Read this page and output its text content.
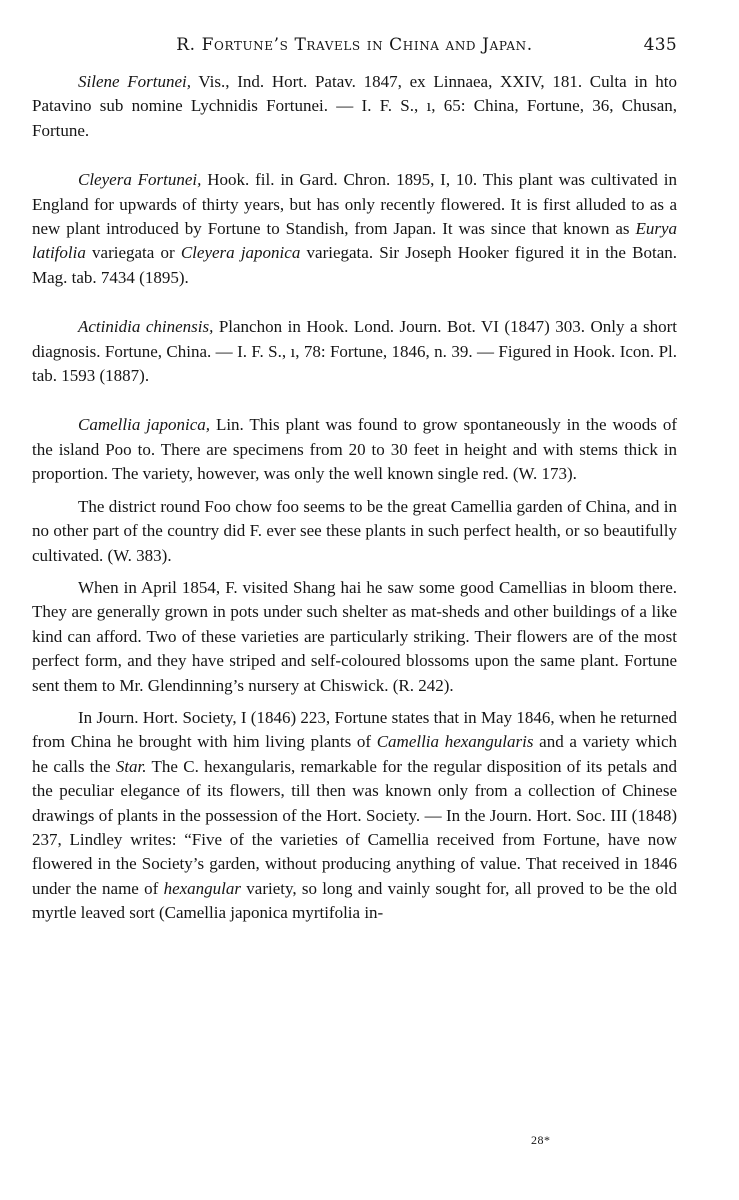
R. Fortune’s Travels in China and Japan.	435

Silene Fortunei, Vis., Ind. Hort. Patav. 1847, ex Linnaea, XXIV, 181. Culta in hto Patavino sub nomine Lychnidis Fortunei. — I. F. S., ı, 65: China, Fortune, 36, Chusan, Fortune.

Cleyera Fortunei, Hook. fil. in Gard. Chron. 1895, I, 10. This plant was cultivated in England for upwards of thirty years, but has only recently flowered. It is first alluded to as a new plant introduced by Fortune to Standish, from Japan. It was since that known as Eurya latifolia variegata or Cleyera japonica variegata. Sir Joseph Hooker figured it in the Botan. Mag. tab. 7434 (1895).

Actinidia chinensis, Planchon in Hook. Lond. Journ. Bot. VI (1847) 303. Only a short diagnosis. Fortune, China. — I. F. S., ı, 78: Fortune, 1846, n. 39. — Figured in Hook. Icon. Pl. tab. 1593 (1887).

Camellia japonica, Lin. This plant was found to grow spontaneously in the woods of the island Poo to. There are specimens from 20 to 30 feet in height and with stems thick in proportion. The variety, however, was only the well known single red. (W. 173).

The district round Foo chow foo seems to be the great Camellia garden of China, and in no other part of the country did F. ever see these plants in such perfect health, or so beautifully cultivated. (W. 383).

When in April 1854, F. visited Shang hai he saw some good Camellias in bloom there. They are generally grown in pots under such shelter as mat-sheds and other buildings of a like kind can afford. Two of these varieties are particularly striking. Their flowers are of the most perfect form, and they have striped and self-coloured blossoms upon the same plant. Fortune sent them to Mr. Glendinning’s nursery at Chiswick. (R. 242).

In Journ. Hort. Society, I (1846) 223, Fortune states that in May 1846, when he returned from China he brought with him living plants of Camellia hexangularis and a variety which he calls the Star. The C. hexangularis, remarkable for the regular disposition of its petals and the peculiar elegance of its flowers, till then was known only from a collection of Chinese drawings of plants in the possession of the Hort. Society. — In the Journ. Hort. Soc. III (1848) 237, Lindley writes: “Five of the varieties of Camellia received from Fortune, have now flowered in the Society’s garden, without producing anything of value. That received in 1846 under the name of hexangular variety, so long and vainly sought for, all proved to be the old myrtle leaved sort (Camellia japonica myrtifolia in-

28*
